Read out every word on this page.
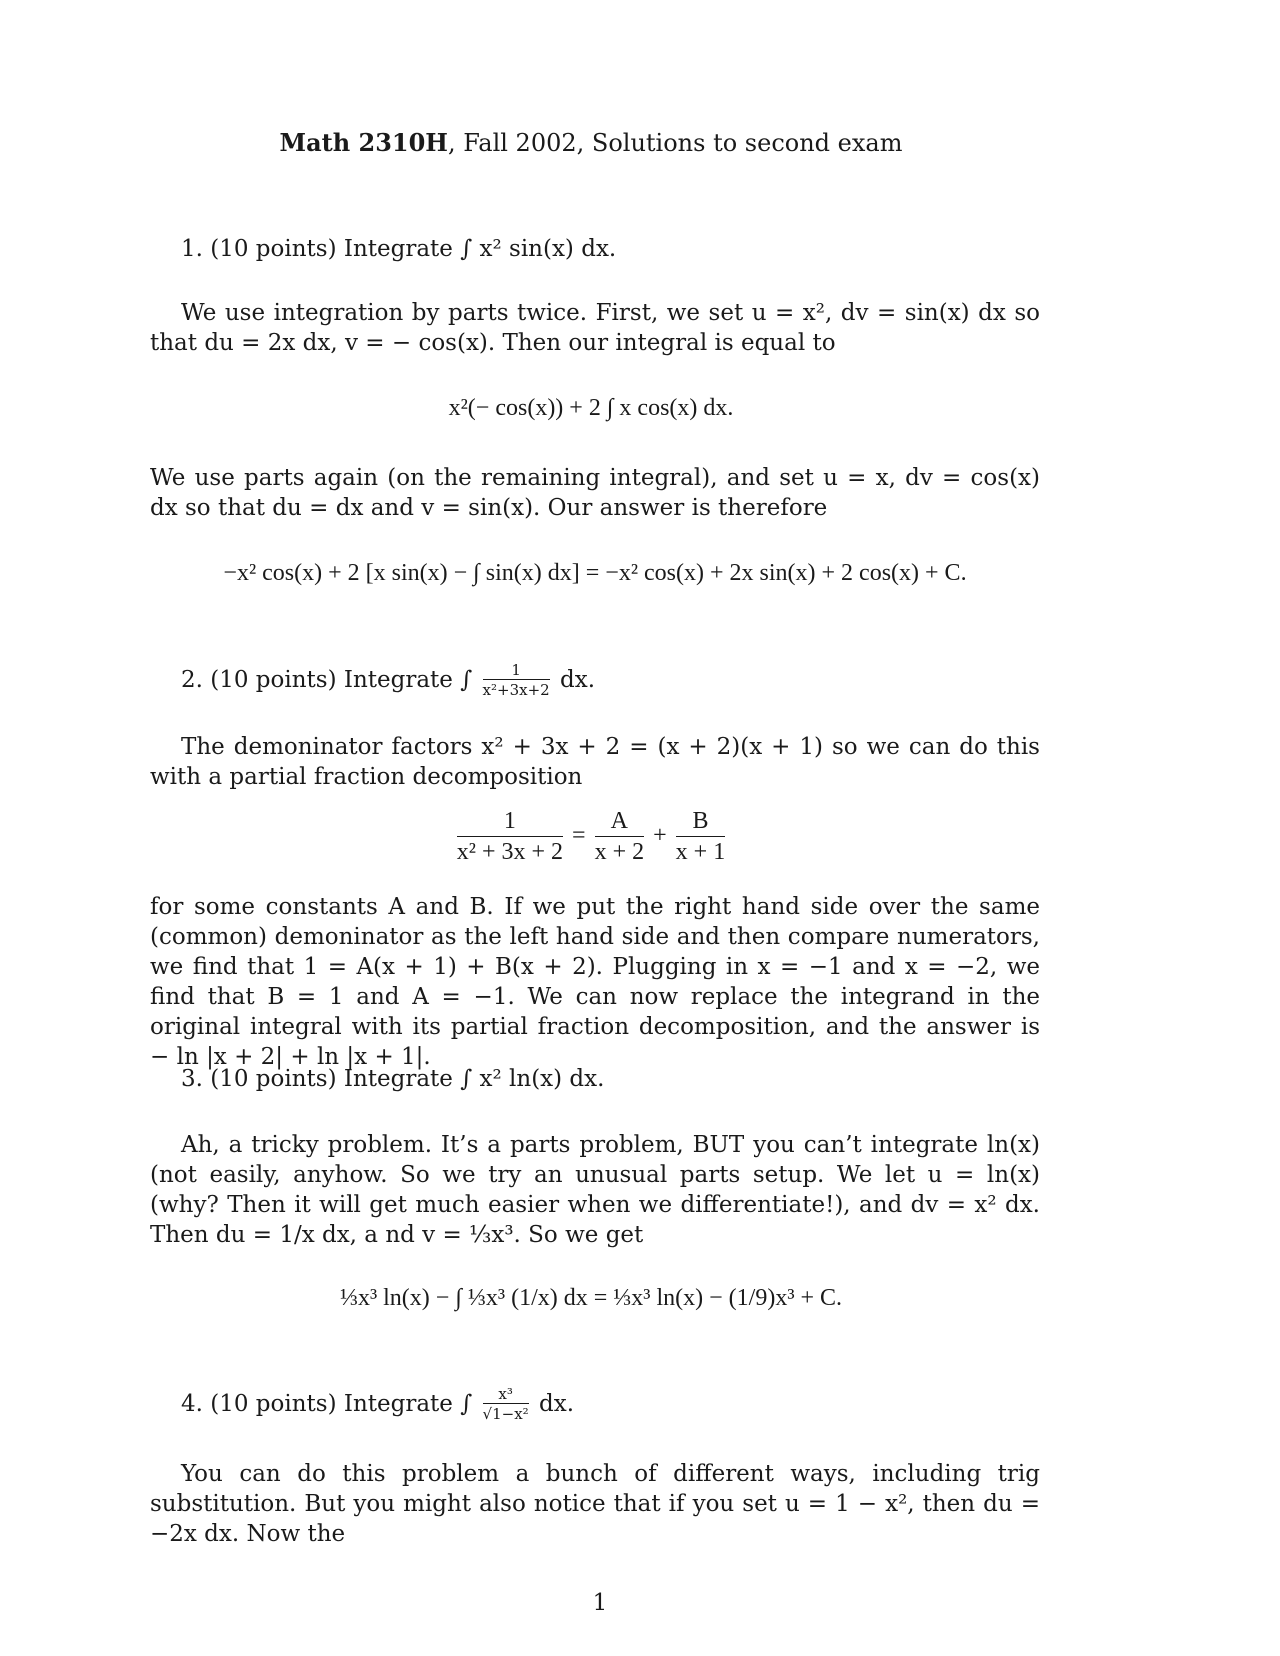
Math 2310H, Fall 2002, Solutions to second exam
1. (10 points) Integrate ∫ x² sin(x) dx.
We use integration by parts twice. First, we set u = x², dv = sin(x) dx so that du = 2x dx, v = − cos(x). Then our integral is equal to
x²(− cos(x)) + 2 ∫ x cos(x) dx.
We use parts again (on the remaining integral), and set u = x, dv = cos(x) dx so that du = dx and v = sin(x). Our answer is therefore
−x² cos(x) + 2 [x sin(x) − ∫ sin(x) dx] = −x² cos(x) + 2x sin(x) + 2 cos(x) + C.
2. (10 points) Integrate ∫ $\frac{1}{\text{x²+3x+2}}$ dx.
The demoninator factors x² + 3x + 2 = (x + 2)(x + 1) so we can do this with a partial fraction decomposition
$\frac{1}{\text{x² + 3x + 2}} = \frac{A}{x + 2} + \frac{B}{x + 1}$
for some constants A and B. If we put the right hand side over the same (common) demoninator as the left hand side and then compare numerators, we find that 1 = A(x + 1) + B(x + 2). Plugging in x = −1 and x = −2, we find that B = 1 and A = −1. We can now replace the integrand in the original integral with its partial fraction decomposition, and the answer is − ln |x + 2| + ln |x + 1|.
3. (10 points) Integrate ∫ x² ln(x) dx.
Ah, a tricky problem. It’s a parts problem, BUT you can’t integrate ln(x) (not easily, anyhow. So we try an unusual parts setup. We let u = ln(x) (why? Then it will get much easier when we differentiate!), and dv = x² dx. Then du = 1/x dx, a nd v = ⅓x³. So we get
⅓x³ ln(x) − ∫ ⅓x³ (1/x) dx = ⅓x³ ln(x) − (1/9)x³ + C.
4. (10 points) Integrate ∫ $\frac{\text{x³}}{\text{√1−x²}}$ dx.
You can do this problem a bunch of different ways, including trig substitution. But you might also notice that if you set u = 1 − x², then du = −2x dx. Now the
1
